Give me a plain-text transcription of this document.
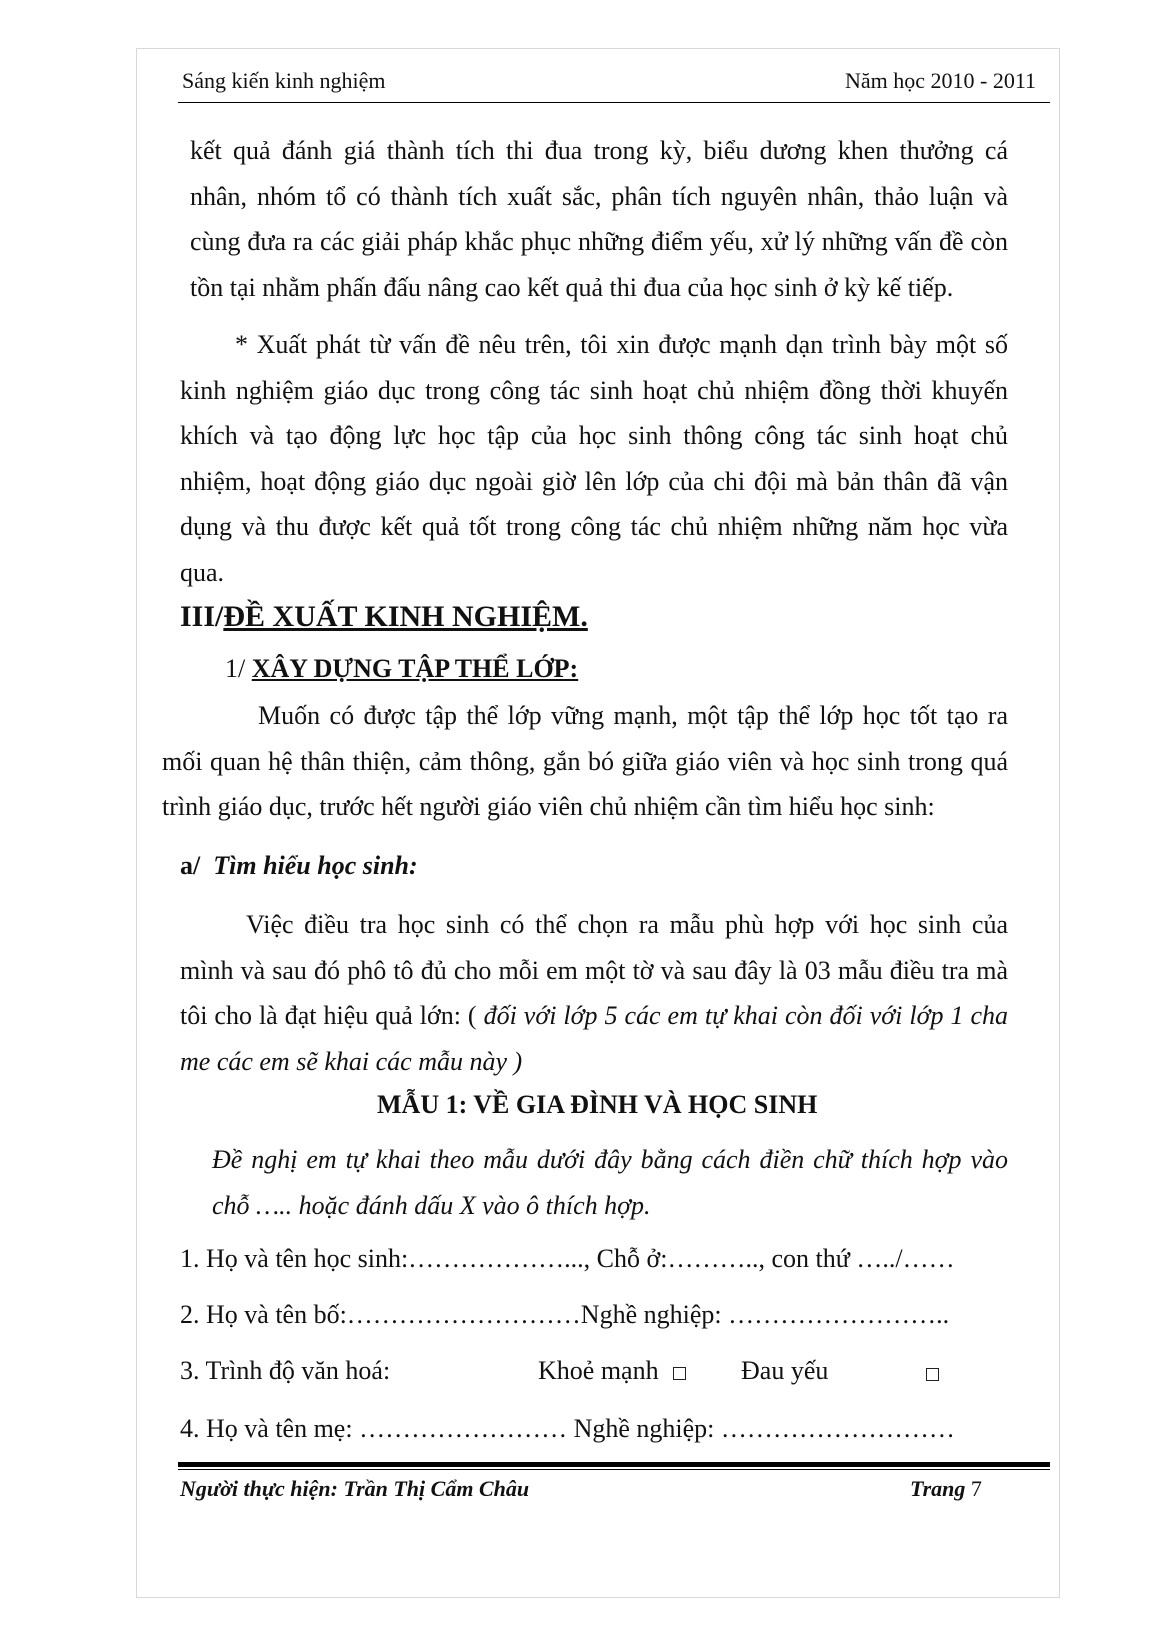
Sáng kiến kinh nghiệm	Năm học 2010 - 2011
kết quả đánh giá thành tích thi đua trong kỳ, biểu dương khen thưởng cá
nhân, nhóm tổ có thành tích xuất sắc, phân tích nguyên nhân, thảo luận và
cùng đưa ra các giải pháp khắc phục những điểm yếu, xử lý những vấn đề còn
tồn tại nhằm phấn đấu nâng cao kết quả thi đua của học sinh ở kỳ kế tiếp.
* Xuất phát từ vấn đề nêu trên, tôi xin được mạnh dạn trình bày một số
kinh nghiệm giáo dục trong công tác sinh hoạt chủ nhiệm đồng thời khuyến
khích và tạo động lực học tập của học sinh thông công tác sinh hoạt chủ
nhiệm, hoạt động giáo dục ngoài giờ lên lớp của chi đội mà bản thân đã vận
dụng và thu được kết quả tốt trong công tác chủ nhiệm những năm học vừa
qua.
III/ĐỀ XUẤT KINH NGHIỆM.
1/ XÂY DỰNG TẬP THỂ LỚP:
Muốn có được tập thể lớp vững mạnh, một tập thể lớp học tốt tạo ra
mối quan hệ thân thiện, cảm thông, gắn bó giữa giáo viên và học sinh trong quá
trình giáo dục, trước hết người giáo viên chủ nhiệm cần tìm hiểu học sinh:
a/ Tìm hiểu học sinh:
Việc điều tra học sinh có thể chọn ra mẫu phù hợp với học sinh của
mình và sau đó phô tô đủ cho mỗi em một tờ và sau đây là 03 mẫu điều tra mà
tôi cho là đạt hiệu quả lớn: ( đối với lớp 5 các em tự khai còn đối với lớp 1 cha
me các em sẽ khai các mẫu này )
MẪU 1: VỀ GIA ĐÌNH VÀ HỌC SINH
Đề nghị em tự khai theo mẫu dưới đây bằng cách điền chữ thích hợp vào
chỗ ….. hoặc đánh dấu X vào ô thích hợp.
1. Họ và tên học sinh:………………..., Chỗ ở:……….., con thứ …../……
2. Họ và tên bố:………………………Nghề nghiệp: ……………………..
3. Trình độ văn hoá:	Khoẻ mạnh	Đau yếu
4. Họ và tên mẹ: …………………… Nghề nghiệp: ………………………
Người thực hiện: Trần Thị Cẩm Châu	Trang 7
